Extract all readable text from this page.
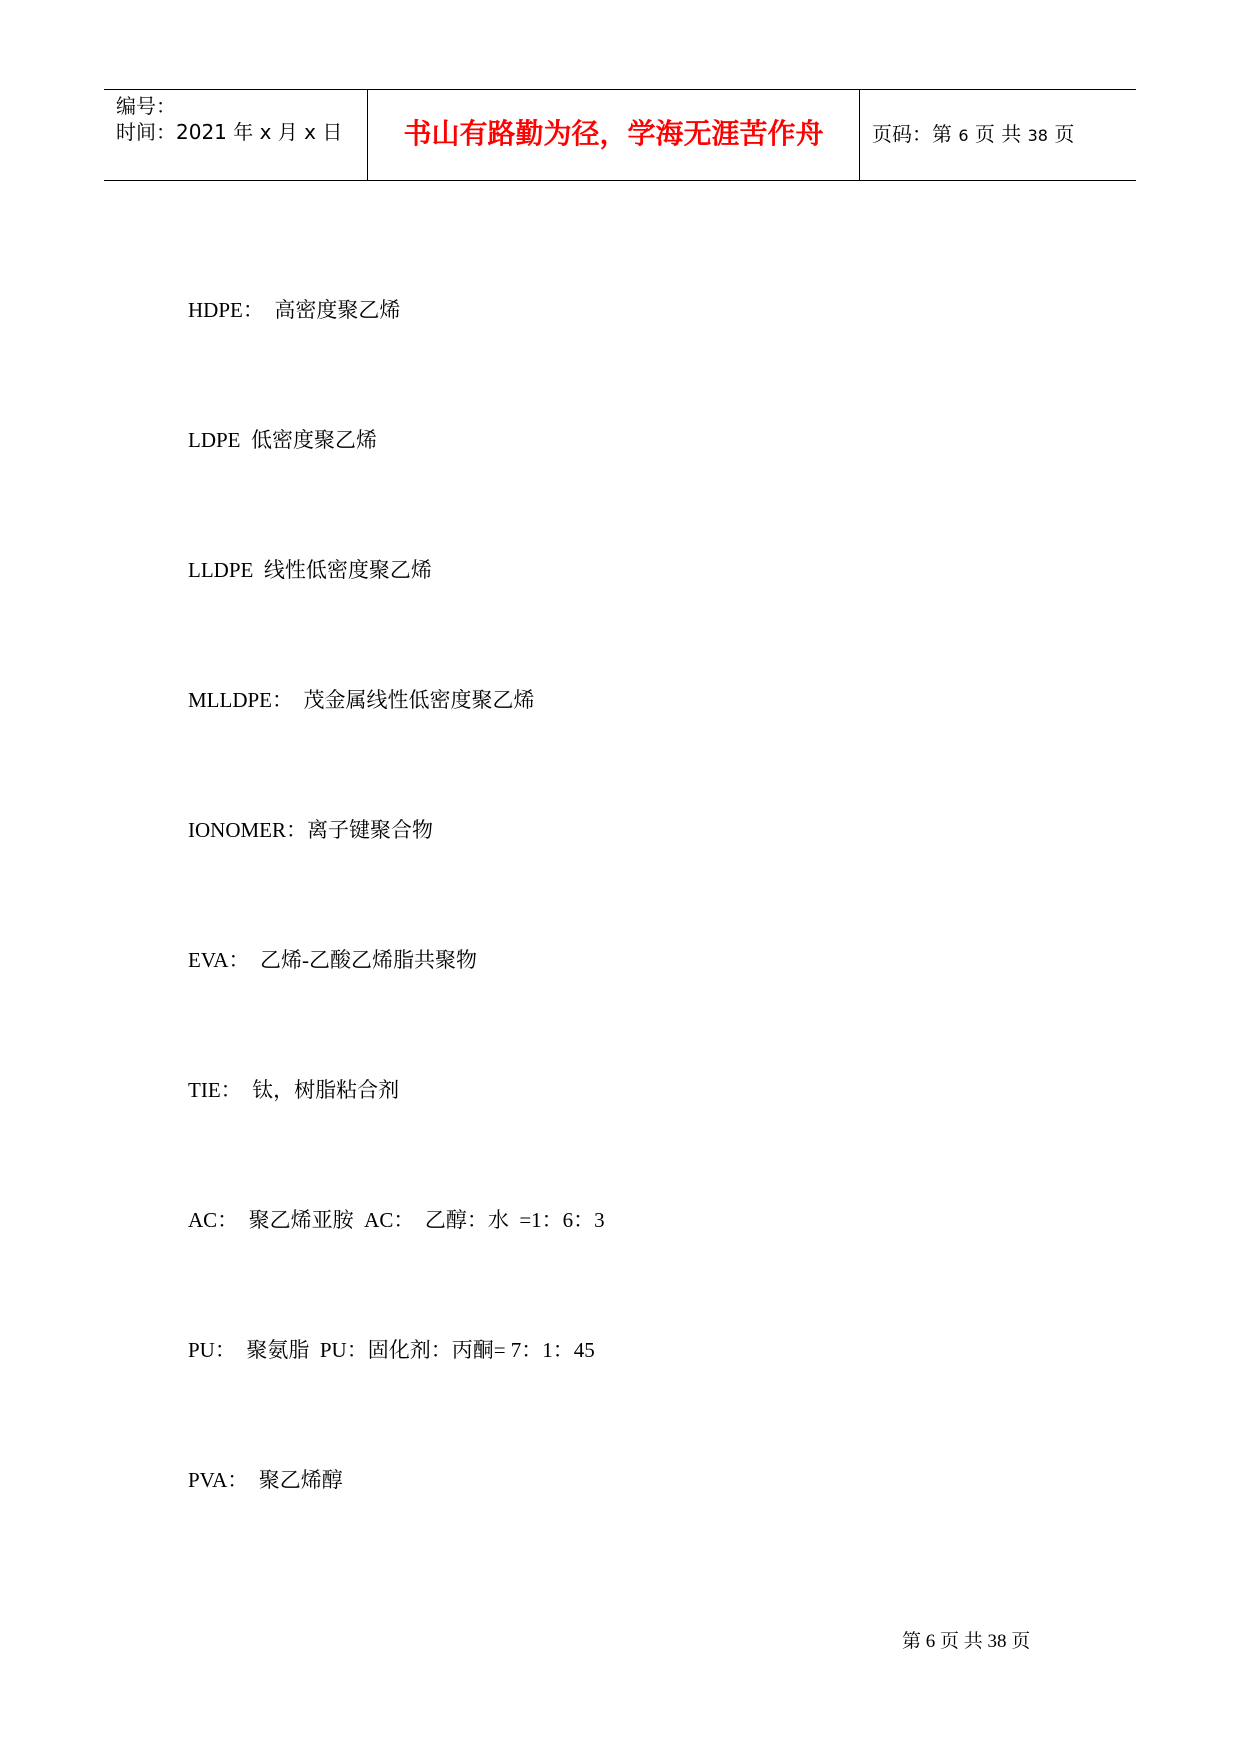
编号：
时间：2021 年 x 月 x 日	书山有路勤为径，学海无涯苦作舟	页码：第 6 页 共 38 页
HDPE：  高密度聚乙烯
LDPE  低密度聚乙烯
LLDPE  线性低密度聚乙烯
MLLDPE：  茂金属线性低密度聚乙烯
IONOMER：离子键聚合物
EVA：  乙烯-乙酸乙烯脂共聚物
TIE：  钛，树脂粘合剂
AC：  聚乙烯亚胺  AC：  乙醇：水  =1：6：3
PU：  聚氨脂  PU：固化剂：丙酮= 7：1：45
PVA：  聚乙烯醇
第 6 页 共 38 页
